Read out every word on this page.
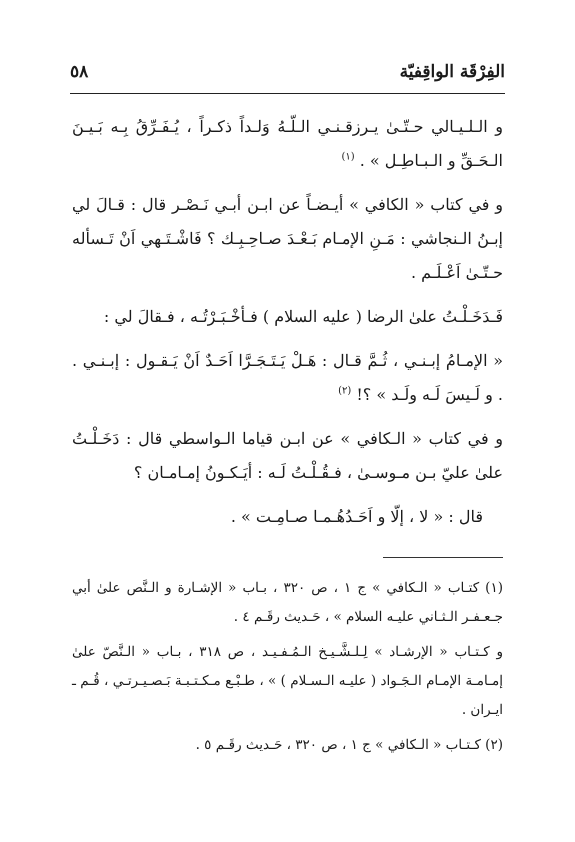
الفِرْقَة الواقِفيّة
٥٨

و الـلـيـالي حـتّـىٰ يـرزقـنـي الـلّـهُ وَلـداً ذكـراً ، يُـفَـرِّقُ بِـه بَـيـنَ الـحَـقِّ و الـبـاطِـل » . $^{(١)}$

و في كتاب « الكافي » أيـضـاً عن ابـن أبـي نَـصْـر قال : قـالَ لي إبـنُ الـنجاشي : مَـنِ الإمـام بَـعْـدَ صـاحِـبِـك ؟ فَاشْـتَـهي اَنْ تَـسأله حـتّـىٰ اَعْـلَـم .

فَـدَخَـلْـتُ علىٰ الرضا ( عليه السلام ) فـأخْـبَـرْتُـه ، فـقالَ لي :

« الإمـامُ إبـنـي ، ثُـمَّ قـال : هَـلْ يَـتَـجَـرَّا اَحَـدٌ اَنْ يَـقـول : إبـنـي . . و لَـيسَ لَـه ولَـد » ؟! $^{(٢)}$

و في كتاب « الـكافي » عن ابـن قياما الـواسطي قال : دَخَـلْـتُ علىٰ عليّ بـن مـوسـىٰ ، فـقُـلْـتُ لَـه : أيَـكـونُ إمـامـان ؟

قال : « لا ، إلّا و اَحَـدُهُـمـا صـامِـت » .

(١) كتـاب « الـكافي » ج ١ ، ص ٣٢٠ ، بـاب « الإشـارة و الـنَّص علىٰ أبي جـعـفـر الـثـاني عليـه السلام » ، حَـديث رقَـم ٤ .

و كـتـاب « الإرشـاد » لِـلـشَّـيـخ الـمُـفـيـد ، ص ٣١٨ ، بـاب « الـنَّصّ علىٰ إمـامـة الإمـام الـجَـواد ( عليـه الـسـلام ) » ، طـبْـع مـكـتـبـة بَـصـيـرتـي ، قُـم ـ ايـران .

(٢) كـتـاب « الـكافي » ج ١ ، ص ٣٢٠ ، حَـديث رقَـم ٥ .
